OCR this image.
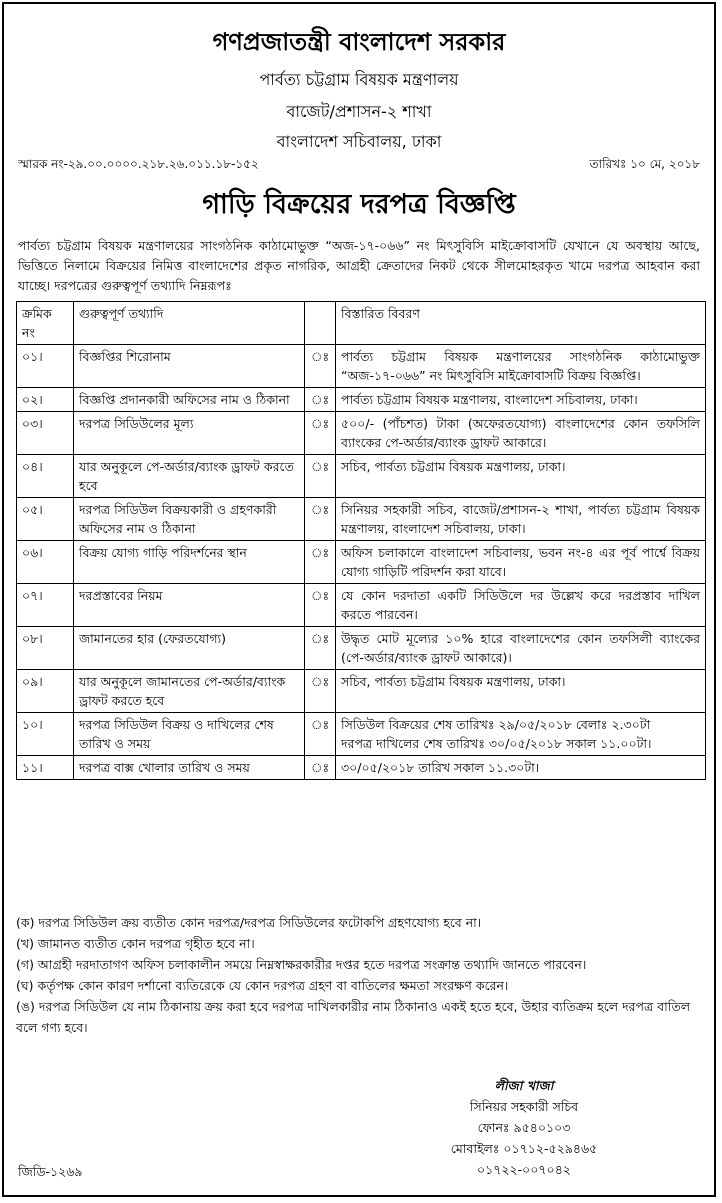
গণপ্রজাতন্ত্রী বাংলাদেশ সরকার
পার্বত্য চট্টগ্রাম বিষয়ক মন্ত্রণালয়
বাজেট/প্রশাসন-২ শাখা
বাংলাদেশ সচিবালয়, ঢাকা
স্মারক নং-২৯.০০.০০০০.২১৮.২৬.০১১.১৮-১৫২	তারিখঃ ১০ মে, ২০১৮
গাড়ি বিক্রয়ের দরপত্র বিজ্ঞপ্তি
পার্বত্য চট্টগ্রাম বিষয়ক মন্ত্রণালয়ের সাংগঠনিক কাঠামোভুক্ত “অজ-১৭-০৬৬” নং মিৎসুবিসি মাইক্রোবাসটি যেখানে যে অবস্থায় আছে, ভিত্তিতে নিলামে বিক্রয়ের নিমিত্ত বাংলাদেশের প্রকৃত নাগরিক, আগ্রহী ক্রেতাদের নিকট থেকে সীলমোহরকৃত খামে দরপত্র আহবান করা যাচ্ছে। দরপত্রের গুরুত্বপূর্ণ তথ্যাদি নিম্নরূপঃ
ক্রমিক নং	গুরুত্বপূর্ণ তথ্যাদি		বিস্তারিত বিবরণ
০১।	বিজ্ঞপ্তির শিরোনাম	ঃ	পার্বত্য চট্টগ্রাম বিষয়ক মন্ত্রণালয়ের সাংগঠনিক কাঠামোভুক্ত “অজ-১৭-০৬৬” নং মিৎসুবিসি মাইক্রোবাসটি বিক্রয় বিজ্ঞপ্তি।
০২।	বিজ্ঞপ্তি প্রদানকারী অফিসের নাম ও ঠিকানা	ঃ	পার্বত্য চট্টগ্রাম বিষয়ক মন্ত্রণালয়, বাংলাদেশ সচিবালয়, ঢাকা।
০৩।	দরপত্র সিডিউলের মূল্য	ঃ	৫০০/- (পাঁচশত) টাকা (অফেরতযোগ্য) বাংলাদেশের কোন তফসিলি ব্যাংকের পে-অর্ডার/ব্যাংক ড্রাফট আকারে।
০৪।	যার অনুকূলে পে-অর্ডার/ব্যাংক ড্রাফট করতে হবে	ঃ	সচিব, পার্বত্য চট্টগ্রাম বিষয়ক মন্ত্রণালয়, ঢাকা।
০৫।	দরপত্র সিডিউল বিক্রয়কারী ও গ্রহণকারী অফিসের নাম ও ঠিকানা	ঃ	সিনিয়র সহকারী সচিব, বাজেট/প্রশাসন-২ শাখা, পার্বত্য চট্টগ্রাম বিষয়ক মন্ত্রণালয়, বাংলাদেশ সচিবালয়, ঢাকা।
০৬।	বিক্রয় যোগ্য গাড়ি পরিদর্শনের স্থান	ঃ	অফিস চলাকালে বাংলাদেশ সচিবালয়, ভবন নং-৪ এর পূর্ব পার্শ্বে বিক্রয় যোগ্য গাড়িটি পরিদর্শন করা যাবে।
০৭।	দরপ্রস্তাবের নিয়ম	ঃ	যে কোন দরদাতা একটি সিডিউলে দর উল্লেখ করে দরপ্রস্তাব দাখিল করতে পারবেন।
০৮।	জামানতের হার (ফেরতযোগ্য)	ঃ	উদ্ধৃত মোট মূল্যের ১০% হারে বাংলাদেশের কোন তফসিলী ব্যাংকের (পে-অর্ডার/ব্যাংক ড্রাফট আকারে)।
০৯।	যার অনুকূলে জামানতের পে-অর্ডার/ব্যাংক ড্রাফট করতে হবে	ঃ	সচিব, পার্বত্য চট্টগ্রাম বিষয়ক মন্ত্রণালয়, ঢাকা।
১০।	দরপত্র সিডিউল বিক্রয় ও দাখিলের শেষ তারিখ ও সময়	ঃ	সিডিউল বিক্রয়ের শেষ তারিখঃ ২৯/০৫/২০১৮ বেলাঃ ২.৩০টা
দরপত্র দাখিলের শেষ তারিখঃ ৩০/০৫/২০১৮ সকাল ১১.০০টা।

১১।	দরপত্র বাক্স খোলার তারিখ ও সময়	ঃ	৩০/০৫/২০১৮ তারিখ সকাল ১১.৩০টা।

(ক) দরপত্র সিডিউল ক্রয় ব্যতীত কোন দরপত্র/দরপত্র সিডিউলের ফটোকপি গ্রহণযোগ্য হবে না।

(খ) জামানত ব্যতীত কোন দরপত্র গৃহীত হবে না।

(গ) আগ্রহী দরদাতাগণ অফিস চলাকালীন সময়ে নিম্নস্বাক্ষরকারীর দপ্তর হতে দরপত্র সংক্রান্ত তথ্যাদি জানতে পারবেন।

(ঘ) কর্তৃপক্ষ কোন কারণ দর্শানো ব্যতিরেকে যে কোন দরপত্র গ্রহণ বা বাতিলের ক্ষমতা সংরক্ষণ করেন।

(ঙ) দরপত্র সিডিউল যে নাম ঠিকানায় ক্রয় করা হবে দরপত্র দাখিলকারীর নাম ঠিকানাও একই হতে হবে, উহার ব্যতিক্রম হলে দরপত্র বাতিল বলে গণ্য হবে।

লীজা খাজা
সিনিয়র সহকারী সচিব
ফোনঃ ৯৫৪০১০৩
মোবাইলঃ ০১৭১২-৫২৯৪৬৫
০১৭২২-০০৭০৪২
জিডি-১২৬৯
